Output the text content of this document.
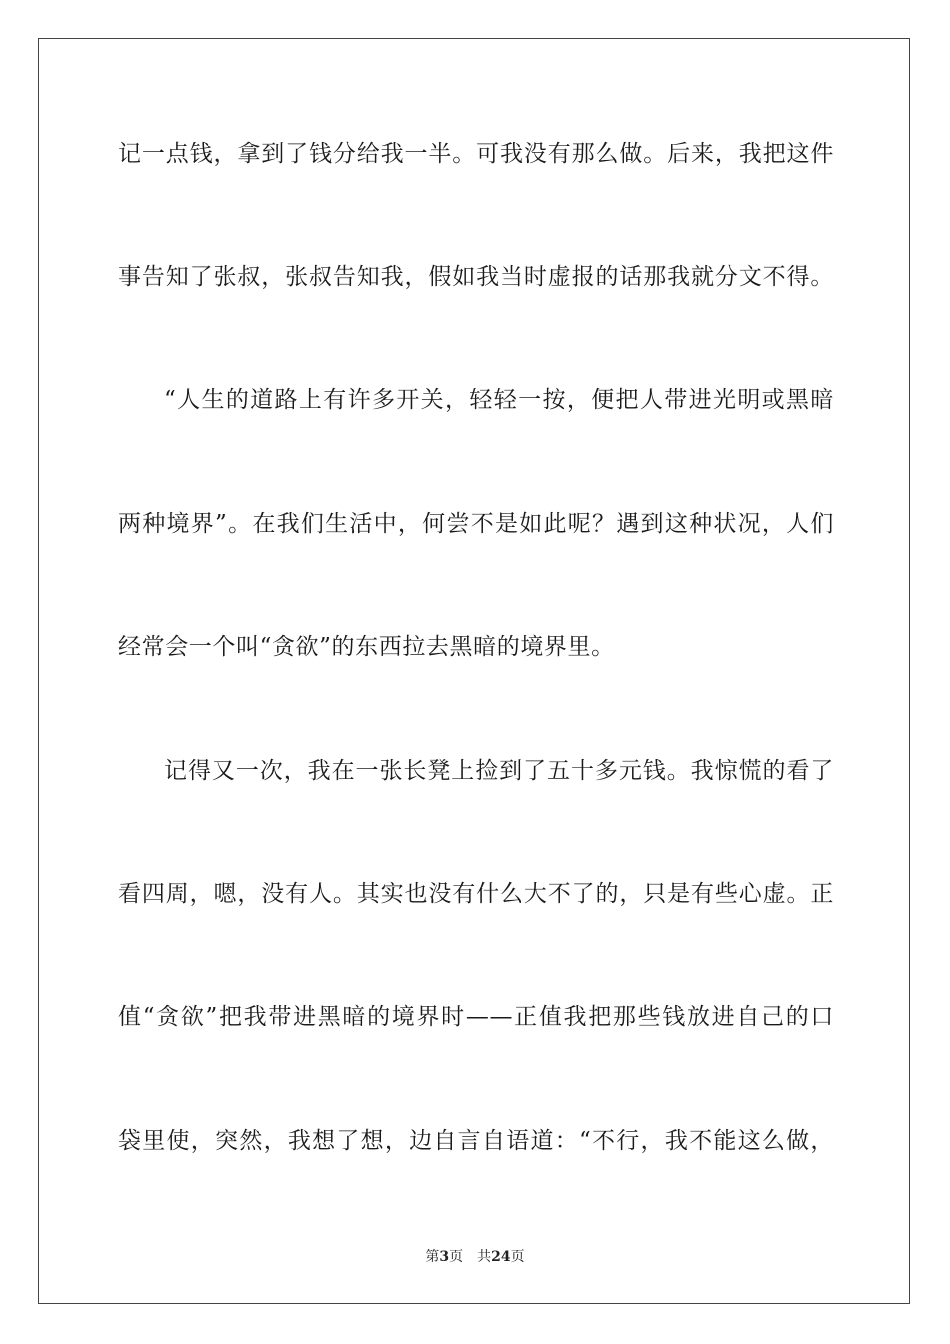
记一点钱，拿到了钱分给我一半。可我没有那么做。后来，我把这件
事告知了张叔，张叔告知我，假如我当时虚报的话那我就分文不得。
“人生的道路上有许多开关，轻轻一按，便把人带进光明或黑暗
两种境界”。在我们生活中，何尝不是如此呢？遇到这种状况，人们
经常会一个叫“贪欲”的东西拉去黑暗的境界里。
记得又一次，我在一张长凳上捡到了五十多元钱。我惊慌的看了
看四周，嗯，没有人。其实也没有什么大不了的，只是有些心虚。正
值“贪欲”把我带进黑暗的境界时——正值我把那些钱放进自己的口
袋里使，突然，我想了想，边自言自语道：“不行，我不能这么做，
第3页 共24页
